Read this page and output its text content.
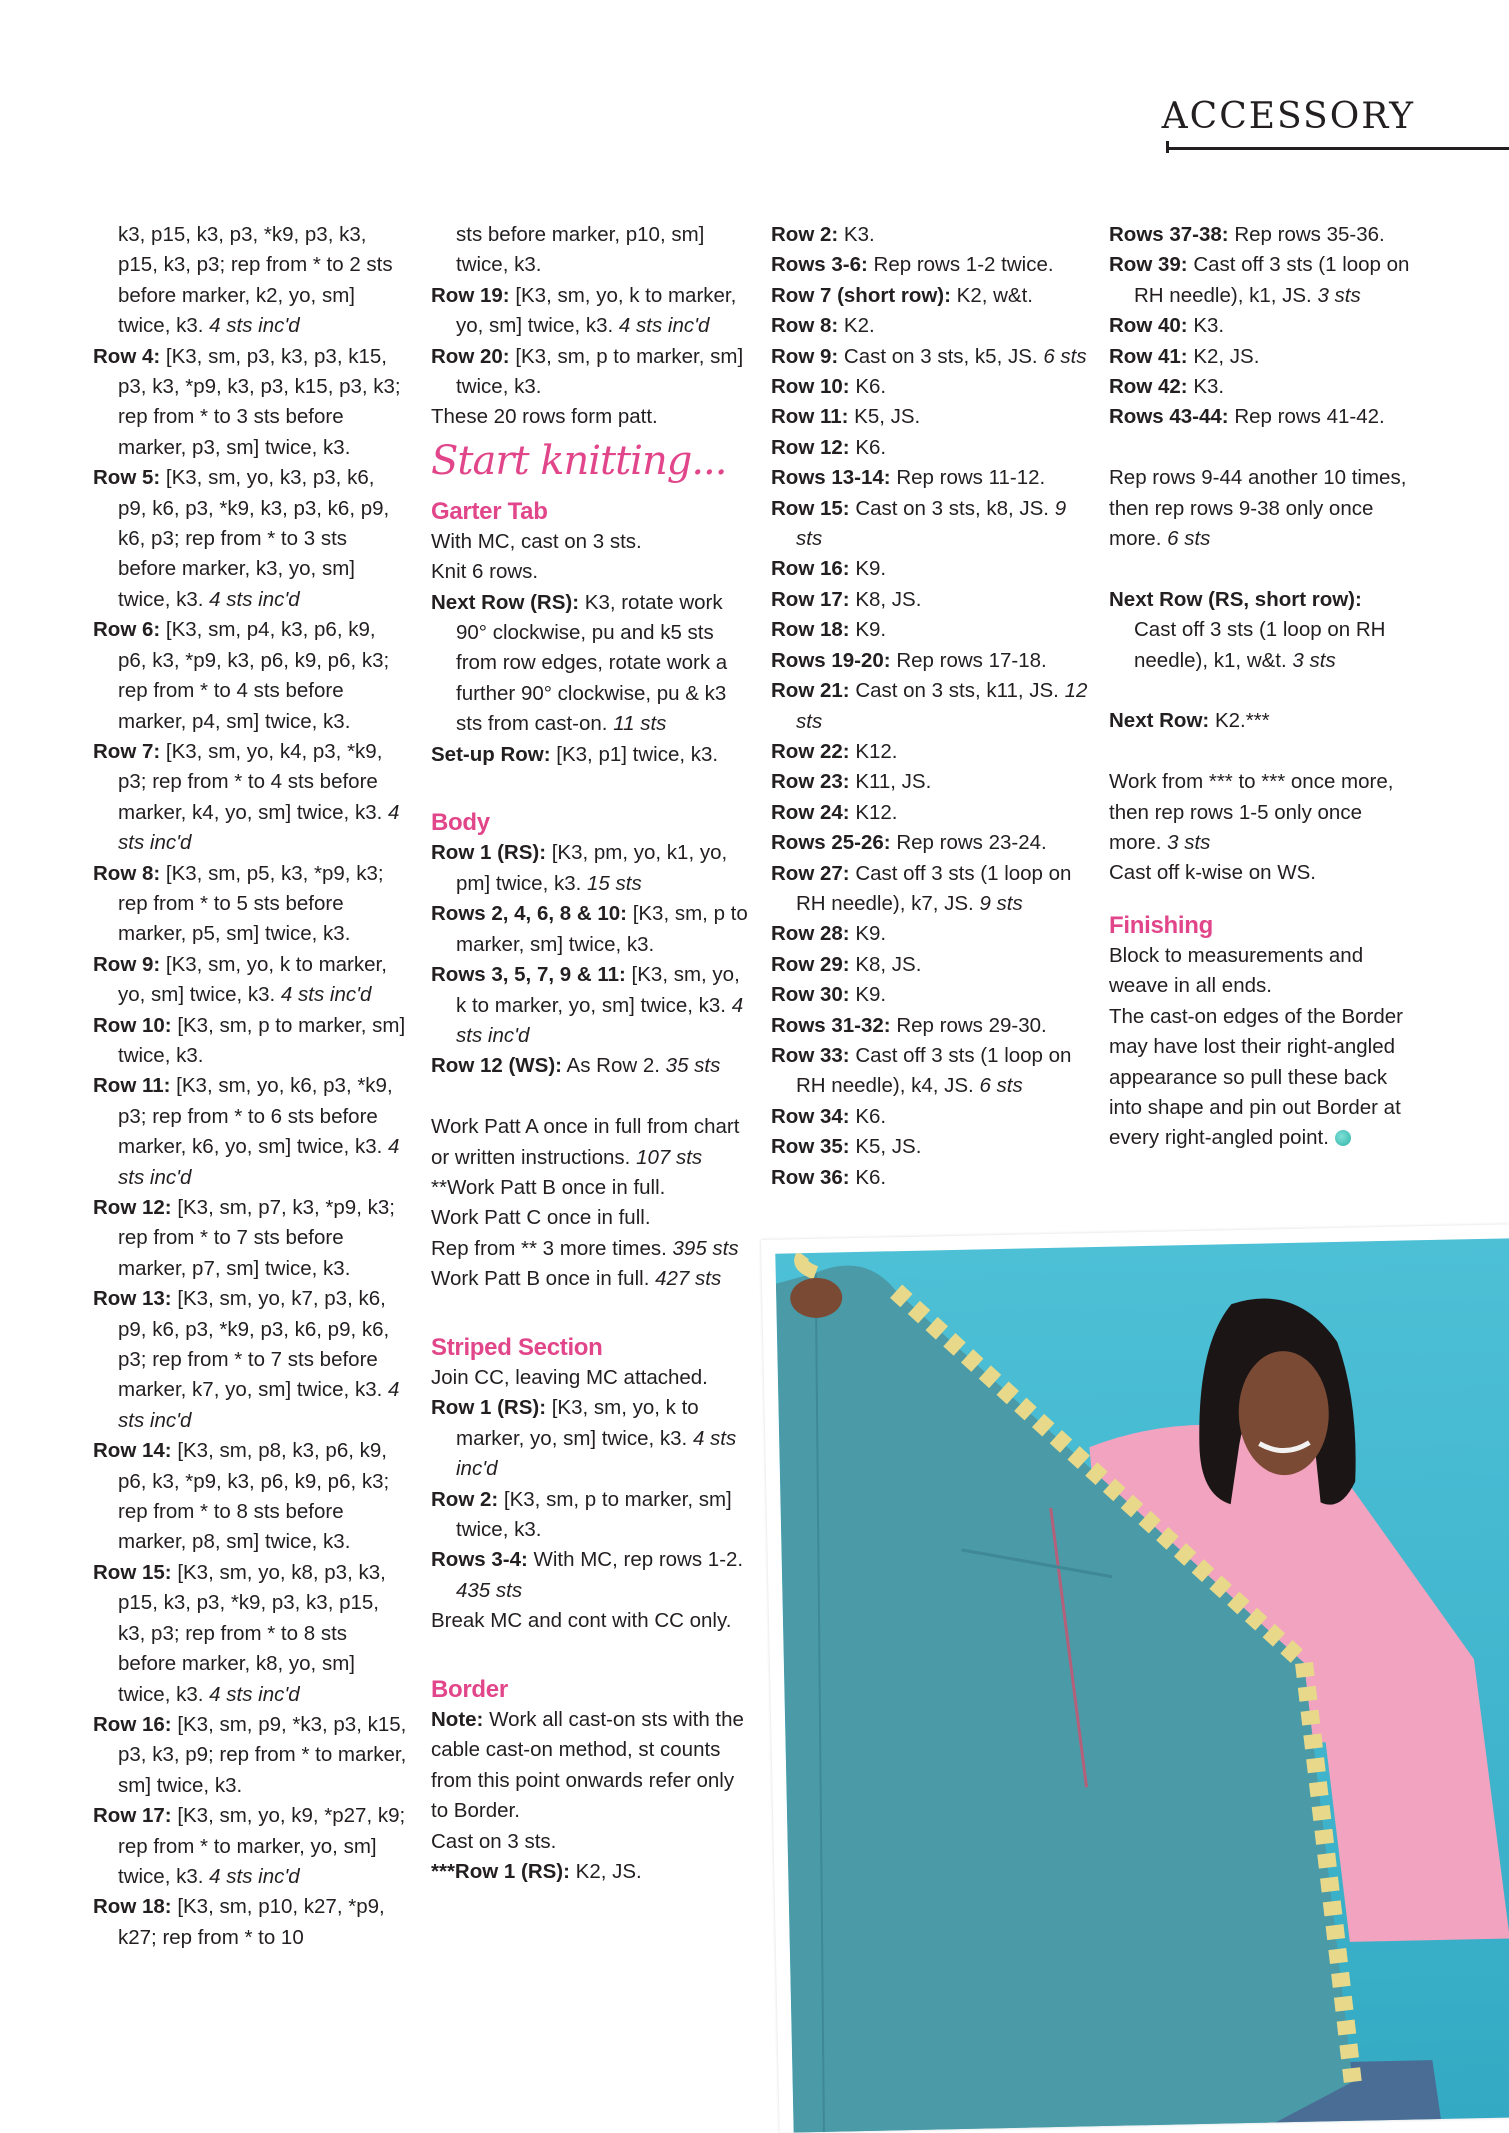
ACCESSORY

k3, p15, k3, p3, *k9, p3, k3, p15, k3, p3; rep from * to 2 sts before marker, k2, yo, sm] twice, k3. 4 sts inc'd

Row 4: [K3, sm, p3, k3, p3, k15, p3, k3, *p9, k3, p3, k15, p3, k3; rep from * to 3 sts before marker, p3, sm] twice, k3.

Row 5: [K3, sm, yo, k3, p3, k6, p9, k6, p3, *k9, k3, p3, k6, p9, k6, p3; rep from * to 3 sts before marker, k3, yo, sm] twice, k3. 4 sts inc'd

Row 6: [K3, sm, p4, k3, p6, k9, p6, k3, *p9, k3, p6, k9, p6, k3; rep from * to 4 sts before marker, p4, sm] twice, k3.

Row 7: [K3, sm, yo, k4, p3, *k9, p3; rep from * to 4 sts before marker, k4, yo, sm] twice, k3. 4 sts inc'd

Row 8: [K3, sm, p5, k3, *p9, k3; rep from * to 5 sts before marker, p5, sm] twice, k3.

Row 9: [K3, sm, yo, k to marker, yo, sm] twice, k3. 4 sts inc'd

Row 10: [K3, sm, p to marker, sm] twice, k3.

Row 11: [K3, sm, yo, k6, p3, *k9, p3; rep from * to 6 sts before marker, k6, yo, sm] twice, k3. 4 sts inc'd

Row 12: [K3, sm, p7, k3, *p9, k3; rep from * to 7 sts before marker, p7, sm] twice, k3.

Row 13: [K3, sm, yo, k7, p3, k6, p9, k6, p3, *k9, p3, k6, p9, k6, p3; rep from * to 7 sts before marker, k7, yo, sm] twice, k3. 4 sts inc'd

Row 14: [K3, sm, p8, k3, p6, k9, p6, k3, *p9, k3, p6, k9, p6, k3; rep from * to 8 sts before marker, p8, sm] twice, k3.

Row 15: [K3, sm, yo, k8, p3, k3, p15, k3, p3, *k9, p3, k3, p15, k3, p3; rep from * to 8 sts before marker, k8, yo, sm] twice, k3. 4 sts inc'd

Row 16: [K3, sm, p9, *k3, p3, k15, p3, k3, p9; rep from * to marker, sm] twice, k3.

Row 17: [K3, sm, yo, k9, *p27, k9; rep from * to marker, yo, sm] twice, k3. 4 sts inc'd

Row 18: [K3, sm, p10, k27, *p9, k27; rep from * to 10

sts before marker, p10, sm] twice, k3.

Row 19: [K3, sm, yo, k to marker, yo, sm] twice, k3. 4 sts inc'd

Row 20: [K3, sm, p to marker, sm] twice, k3.

These 20 rows form patt.

Start knitting...

Garter Tab

With MC, cast on 3 sts.

Knit 6 rows.

Next Row (RS): K3, rotate work 90° clockwise, pu and k5 sts from row edges, rotate work a further 90° clockwise, pu & k3 sts from cast-on. 11 sts

Set-up Row: [K3, p1] twice, k3.

Body

Row 1 (RS): [K3, pm, yo, k1, yo, pm] twice, k3. 15 sts

Rows 2, 4, 6, 8 & 10: [K3, sm, p to marker, sm] twice, k3.

Rows 3, 5, 7, 9 & 11: [K3, sm, yo, k to marker, yo, sm] twice, k3. 4 sts inc'd

Row 12 (WS): As Row 2. 35 sts

Work Patt A once in full from chart or written instructions. 107 sts

**Work Patt B once in full.

Work Patt C once in full.

Rep from ** 3 more times. 395 sts

Work Patt B once in full. 427 sts

Striped Section

Join CC, leaving MC attached.

Row 1 (RS): [K3, sm, yo, k to marker, yo, sm] twice, k3. 4 sts inc'd

Row 2: [K3, sm, p to marker, sm] twice, k3.

Rows 3-4: With MC, rep rows 1-2. 435 sts

Break MC and cont with CC only.

Border

Note: Work all cast-on sts with the cable cast-on method, st counts from this point onwards refer only to Border.

Cast on 3 sts.

***Row 1 (RS): K2, JS.

Row 2: K3.

Rows 3-6: Rep rows 1-2 twice.

Row 7 (short row): K2, w&t.

Row 8: K2.

Row 9: Cast on 3 sts, k5, JS. 6 sts

Row 10: K6.

Row 11: K5, JS.

Row 12: K6.

Rows 13-14: Rep rows 11-12.

Row 15: Cast on 3 sts, k8, JS. 9 sts

Row 16: K9.

Row 17: K8, JS.

Row 18: K9.

Rows 19-20: Rep rows 17-18.

Row 21: Cast on 3 sts, k11, JS. 12 sts

Row 22: K12.

Row 23: K11, JS.

Row 24: K12.

Rows 25-26: Rep rows 23-24.

Row 27: Cast off 3 sts (1 loop on RH needle), k7, JS. 9 sts

Row 28: K9.

Row 29: K8, JS.

Row 30: K9.

Rows 31-32: Rep rows 29-30.

Row 33: Cast off 3 sts (1 loop on RH needle), k4, JS. 6 sts

Row 34: K6.

Row 35: K5, JS.

Row 36: K6.

Rows 37-38: Rep rows 35-36.

Row 39: Cast off 3 sts (1 loop on RH needle), k1, JS. 3 sts

Row 40: K3.

Row 41: K2, JS.

Row 42: K3.

Rows 43-44: Rep rows 41-42.

Rep rows 9-44 another 10 times, then rep rows 9-38 only once more. 6 sts

Next Row (RS, short row):

Cast off 3 sts (1 loop on RH needle), k1, w&t. 3 sts

Next Row: K2.***

Work from *** to *** once more, then rep rows 1-5 only once more. 3 sts

Cast off k-wise on WS.

Finishing

Block to measurements and weave in all ends.

The cast-on edges of the Border may have lost their right-angled appearance so pull these back into shape and pin out Border at every right-angled point.
